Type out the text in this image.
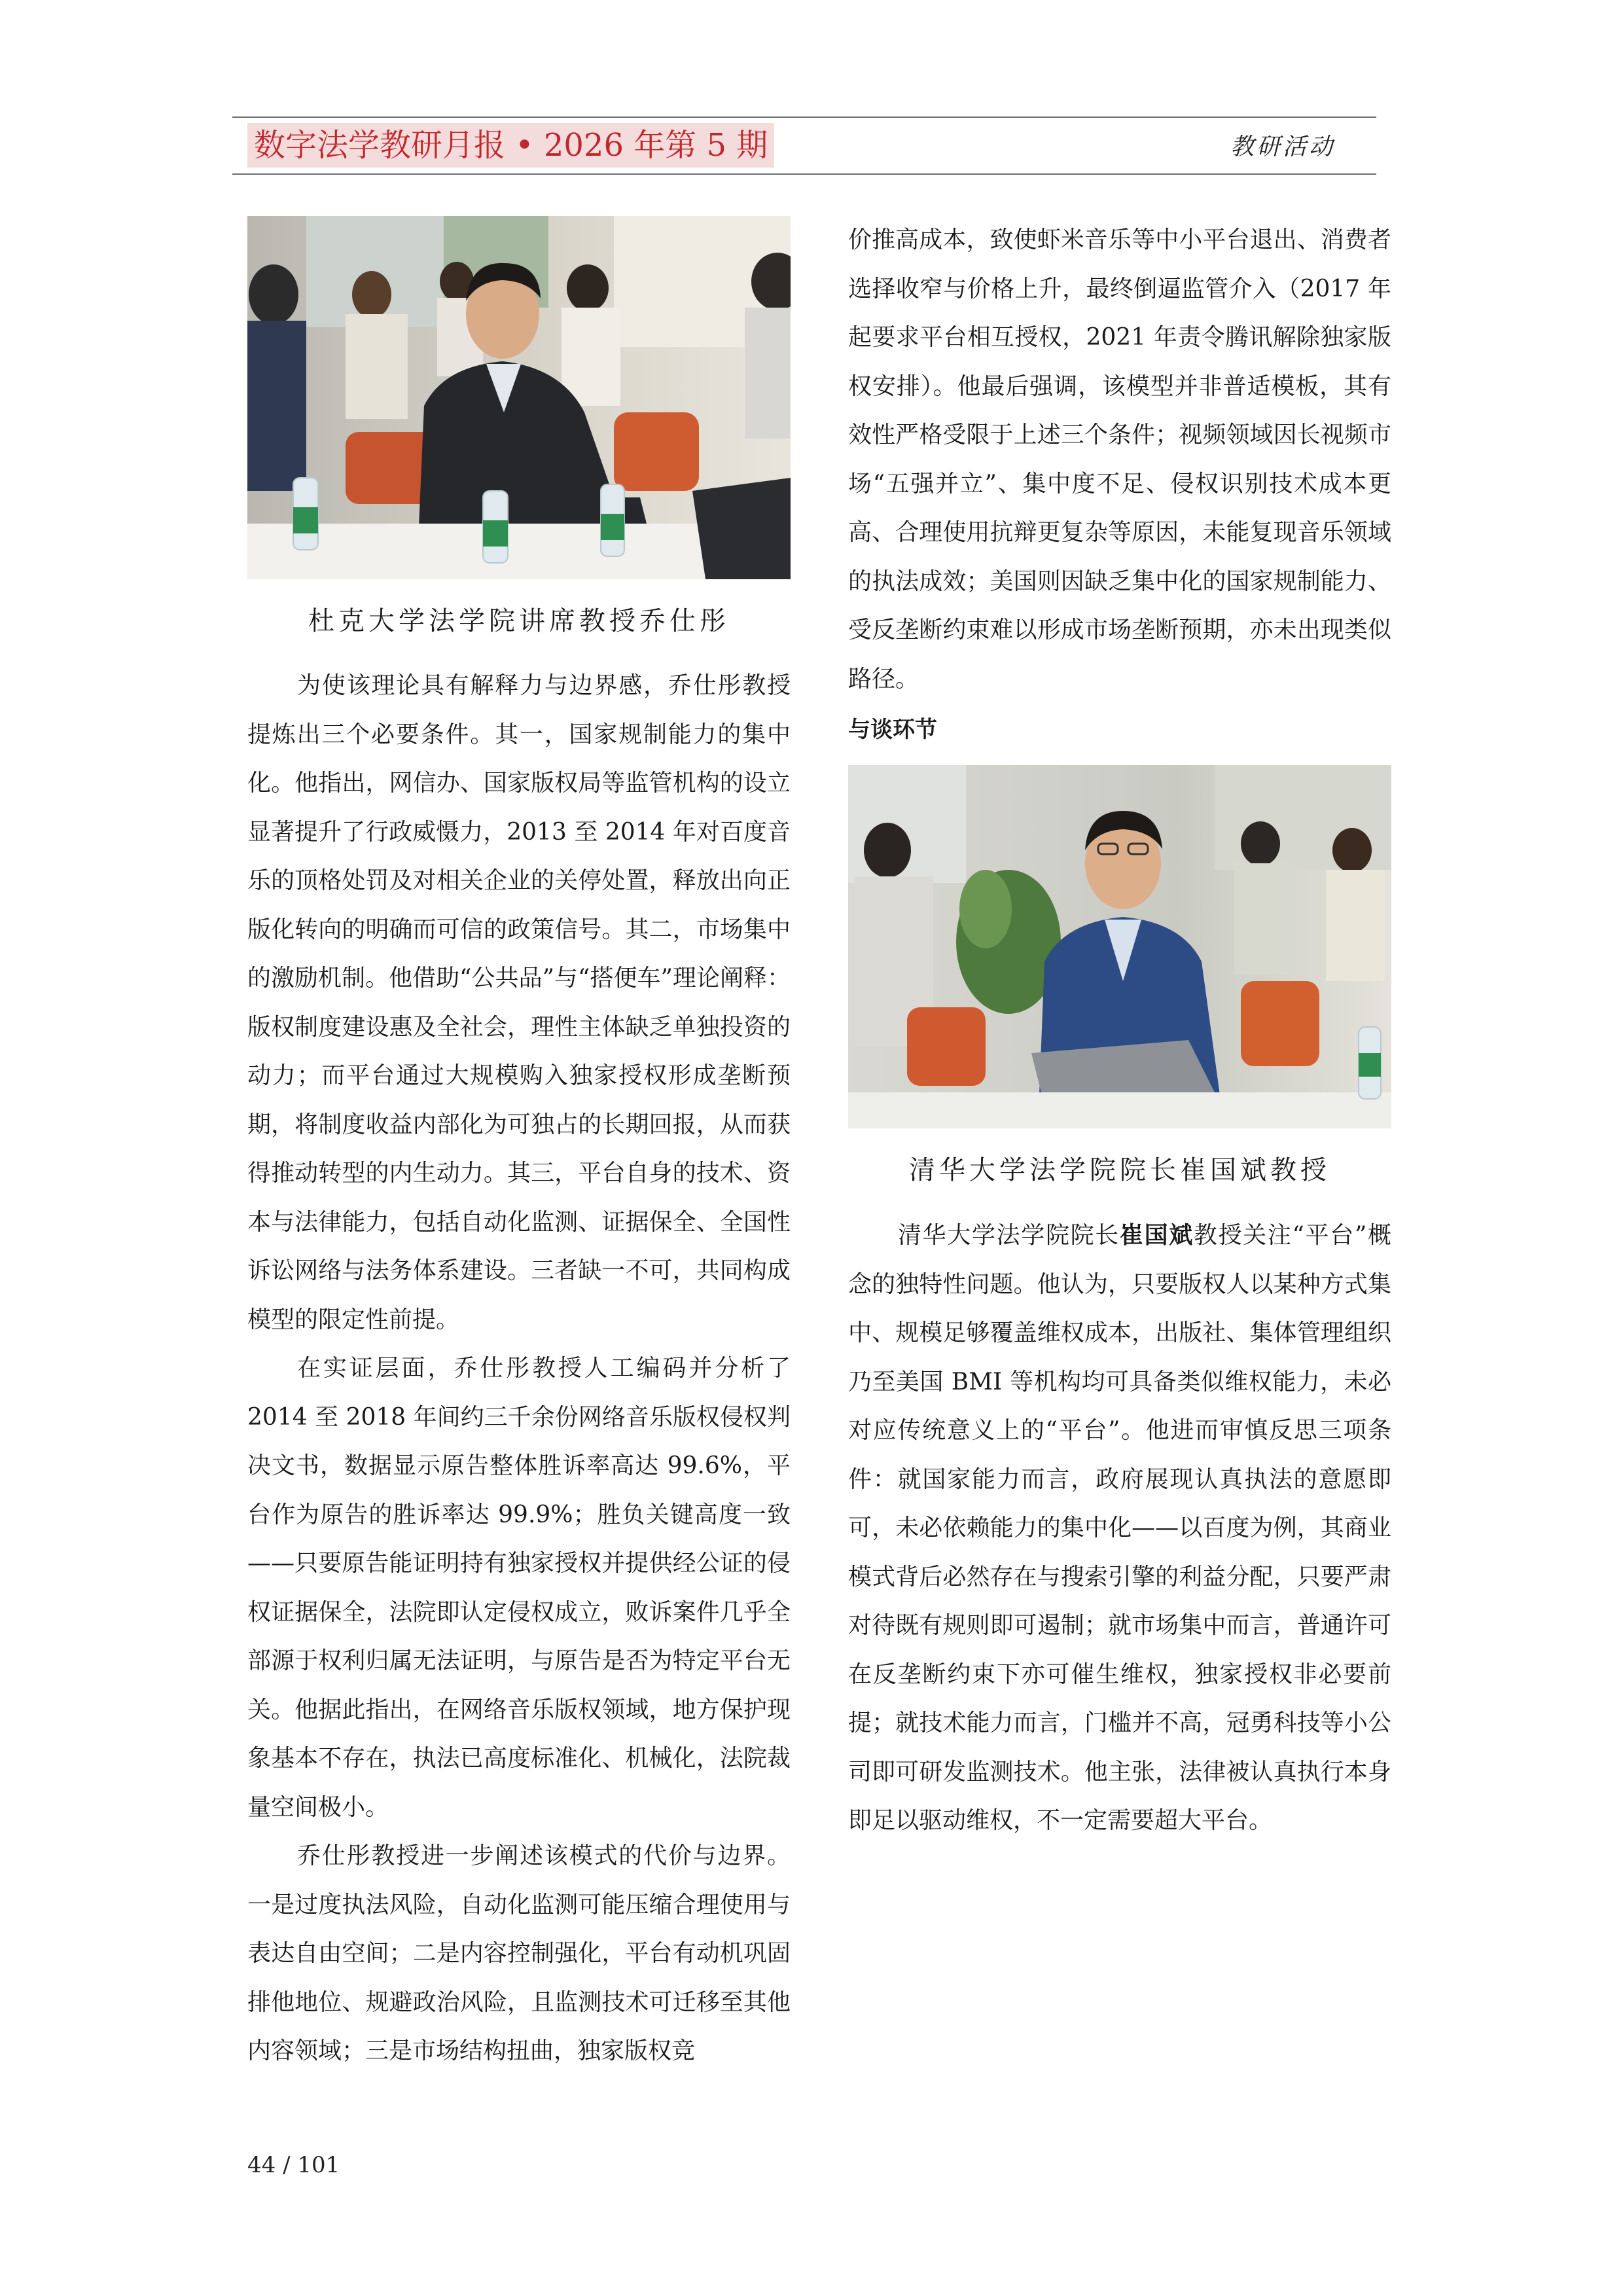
数字法学教研月报 • 2026 年第 5 期	教研活动
杜克大学法学院讲席教授乔仕彤

为使该理论具有解释力与边界感，乔仕彤教授提炼出三个必要条件。其一，国家规制能力的集中化。他指出，网信办、国家版权局等监管机构的设立显著提升了行政威慑力，2013 至 2014 年对百度音乐的顶格处罚及对相关企业的关停处置，释放出向正版化转向的明确而可信的政策信号。其二，市场集中的激励机制。他借助“公共品”与“搭便车”理论阐释：版权制度建设惠及全社会，理性主体缺乏单独投资的动力；而平台通过大规模购入独家授权形成垄断预期，将制度收益内部化为可独占的长期回报，从而获得推动转型的内生动力。其三，平台自身的技术、资本与法律能力，包括自动化监测、证据保全、全国性诉讼网络与法务体系建设。三者缺一不可，共同构成模型的限定性前提。

在实证层面，乔仕彤教授人工编码并分析了 2014 至 2018 年间约三千余份网络音乐版权侵权判决文书，数据显示原告整体胜诉率高达 99.6%，平台作为原告的胜诉率达 99.9%；胜负关键高度一致——只要原告能证明持有独家授权并提供经公证的侵权证据保全，法院即认定侵权成立，败诉案件几乎全部源于权利归属无法证明，与原告是否为特定平台无关。他据此指出，在网络音乐版权领域，地方保护现象基本不存在，执法已高度标准化、机械化，法院裁量空间极小。

乔仕彤教授进一步阐述该模式的代价与边界。一是过度执法风险，自动化监测可能压缩合理使用与表达自由空间；二是内容控制强化，平台有动机巩固排他地位、规避政治风险，且监测技术可迁移至其他内容领域；三是市场结构扭曲，独家版权竞

价推高成本，致使虾米音乐等中小平台退出、消费者选择收窄与价格上升，最终倒逼监管介入（2017 年起要求平台相互授权，2021 年责令腾讯解除独家版权安排）。他最后强调，该模型并非普适模板，其有效性严格受限于上述三个条件；视频领域因长视频市场“五强并立”、集中度不足、侵权识别技术成本更高、合理使用抗辩更复杂等原因，未能复现音乐领域的执法成效；美国则因缺乏集中化的国家规制能力、受反垄断约束难以形成市场垄断预期，亦未出现类似路径。

与谈环节
清华大学法学院院长崔国斌教授

清华大学法学院院长崔国斌教授关注“平台”概念的独特性问题。他认为，只要版权人以某种方式集中、规模足够覆盖维权成本，出版社、集体管理组织乃至美国 BMI 等机构均可具备类似维权能力，未必对应传统意义上的“平台”。他进而审慎反思三项条件：就国家能力而言，政府展现认真执法的意愿即可，未必依赖能力的集中化——以百度为例，其商业模式背后必然存在与搜索引擎的利益分配，只要严肃对待既有规则即可遏制；就市场集中而言，普通许可在反垄断约束下亦可催生维权，独家授权非必要前提；就技术能力而言，门槛并不高，冠勇科技等小公司即可研发监测技术。他主张，法律被认真执行本身即足以驱动维权，不一定需要超大平台。

44 / 101
